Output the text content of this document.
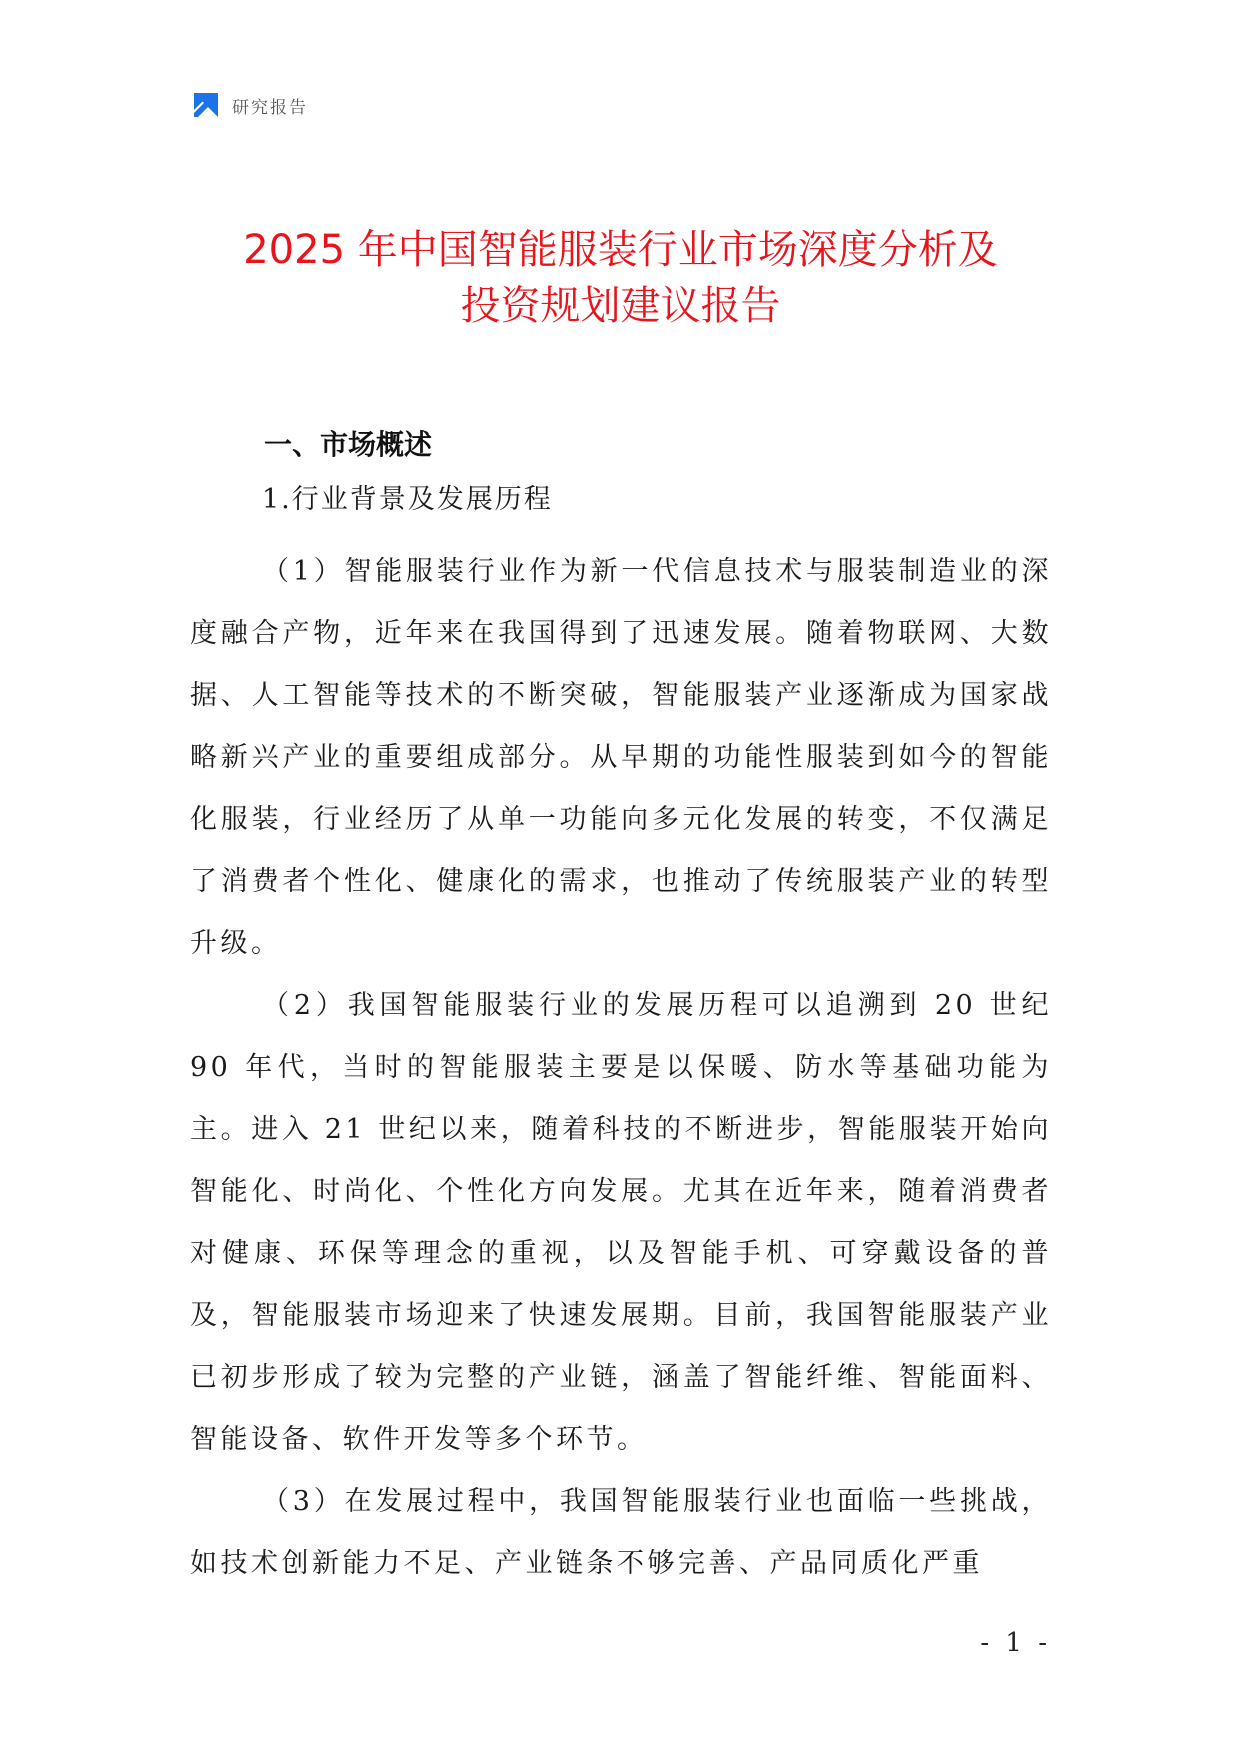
研究报告
2025 年中国智能服装行业市场深度分析及
投资规划建议报告
一、市场概述

1.行业背景及发展历程

（1）智能服装行业作为新一代信息技术与服装制造业的深度融合产物，近年来在我国得到了迅速发展。随着物联网、大数据、人工智能等技术的不断突破，智能服装产业逐渐成为国家战略新兴产业的重要组成部分。从早期的功能性服装到如今的智能化服装，行业经历了从单一功能向多元化发展的转变，不仅满足了消费者个性化、健康化的需求，也推动了传统服装产业的转型升级。

（2）我国智能服装行业的发展历程可以追溯到 20 世纪 90 年代，当时的智能服装主要是以保暖、防水等基础功能为主。进入 21 世纪以来，随着科技的不断进步，智能服装开始向智能化、时尚化、个性化方向发展。尤其在近年来，随着消费者对健康、环保等理念的重视，以及智能手机、可穿戴设备的普及，智能服装市场迎来了快速发展期。目前，我国智能服装产业已初步形成了较为完整的产业链，涵盖了智能纤维、智能面料、智能设备、软件开发等多个环节。

（3）在发展过程中，我国智能服装行业也面临一些挑战，如技术创新能力不足、产业链条不够完善、产品同质化严重

- 1 -
